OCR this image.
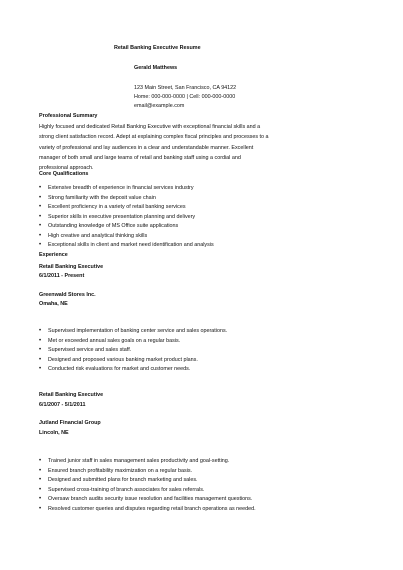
Retail Banking Executive Resume
Gerald Matthews
123 Main Street, San Francisco, CA 94122
Home: 000-000-0000 | Cell: 000-000-0000
email@example.com
Professional Summary
Highly focused and dedicated Retail Banking Executive with exceptional financial skills and a strong client satisfaction record. Adept at explaining complex fiscal principles and processes to a variety of professional and lay audiences in a clear and understandable manner. Excellent manager of both small and large teams of retail and banking staff using a cordial and professional approach.
Core Qualifications
• Extensive breadth of experience in financial services industry
• Strong familiarity with the deposit value chain
• Excellent proficiency in a variety of retail banking services
• Superior skills in executive presentation planning and delivery
• Outstanding knowledge of MS Office suite applications
• High creative and analytical thinking skills
• Exceptional skills in client and market need identification and analysis
Experience
Retail Banking Executive
6/1/2011 - Present
Greenwald Stores Inc.
Omaha, NE
• Supervised implementation of banking center service and sales operations.
• Met or exceeded annual sales goals on a regular basis.
• Supervised service and sales staff.
• Designed and proposed various banking market product plans.
• Conducted risk evaluations for market and customer needs.
Retail Banking Executive
6/1/2007 - 5/1/2011
Jutland Financial Group
Lincoln, NE
• Trained junior staff in sales management sales productivity and goal-setting.
• Ensured branch profitability maximization on a regular basis.
• Designed and submitted plans for branch marketing and sales.
• Supervised cross-training of branch associates for sales referrals.
• Oversaw branch audits security issue resolution and facilities management questions.
• Resolved customer queries and disputes regarding retail branch operations as needed.
